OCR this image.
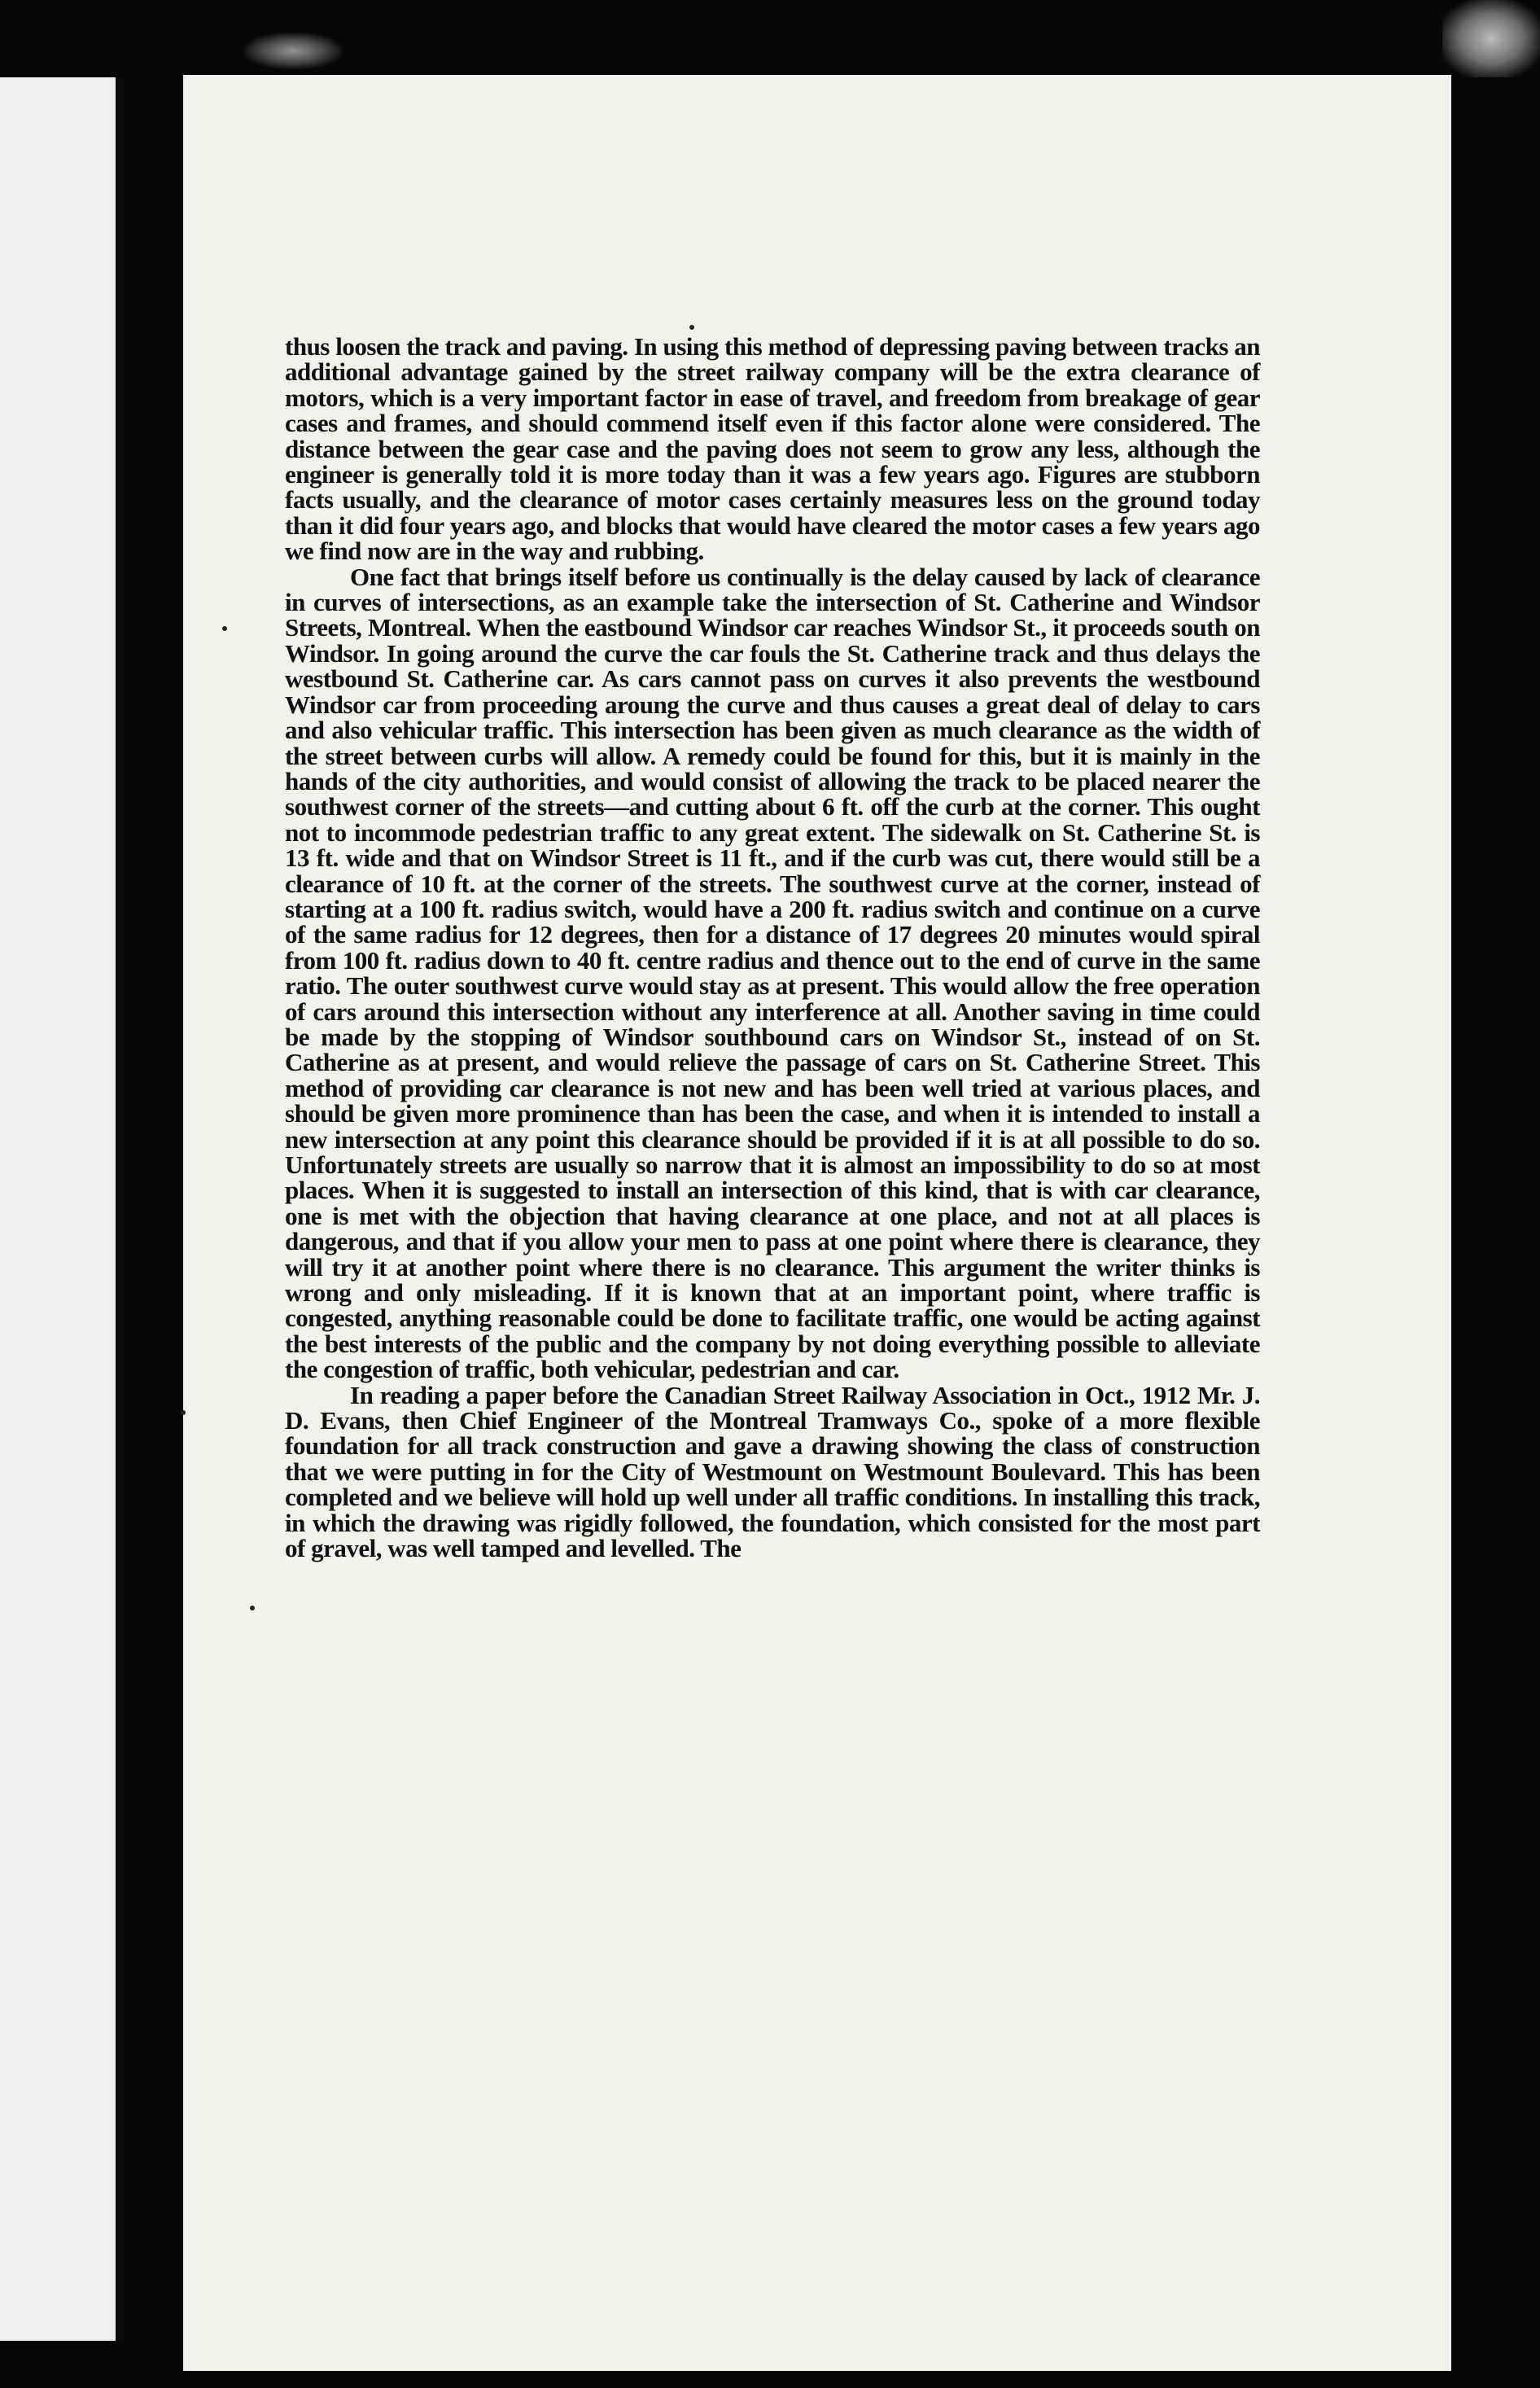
thus loosen the track and paving. In using this method of depressing paving between tracks an additional advantage gained by the street railway company will be the extra clearance of motors, which is a very important factor in ease of travel, and freedom from breakage of gear cases and frames, and should commend itself even if this factor alone were considered. The distance between the gear case and the paving does not seem to grow any less, although the engineer is generally told it is more today than it was a few years ago. Figures are stubborn facts usually, and the clearance of motor cases certainly measures less on the ground today than it did four years ago, and blocks that would have cleared the motor cases a few years ago we find now are in the way and rubbing.

One fact that brings itself before us continually is the delay caused by lack of clearance in curves of intersections, as an example take the intersection of St. Catherine and Windsor Streets, Montreal. When the eastbound Windsor car reaches Windsor St., it proceeds south on Windsor. In going around the curve the car fouls the St. Catherine track and thus delays the westbound St. Catherine car. As cars cannot pass on curves it also prevents the westbound Windsor car from proceeding aroung the curve and thus causes a great deal of delay to cars and also vehicular traffic. This intersection has been given as much clearance as the width of the street between curbs will allow. A remedy could be found for this, but it is mainly in the hands of the city authorities, and would consist of allowing the track to be placed nearer the southwest corner of the streets—and cutting about 6 ft. off the curb at the corner. This ought not to incommode pedestrian traffic to any great extent. The sidewalk on St. Catherine St. is 13 ft. wide and that on Windsor Street is 11 ft., and if the curb was cut, there would still be a clearance of 10 ft. at the corner of the streets. The southwest curve at the corner, instead of starting at a 100 ft. radius switch, would have a 200 ft. radius switch and continue on a curve of the same radius for 12 degrees, then for a distance of 17 degrees 20 minutes would spiral from 100 ft. radius down to 40 ft. centre radius and thence out to the end of curve in the same ratio. The outer southwest curve would stay as at present. This would allow the free operation of cars around this intersection without any interference at all. Another saving in time could be made by the stopping of Windsor southbound cars on Windsor St., instead of on St. Catherine as at present, and would relieve the passage of cars on St. Catherine Street. This method of providing car clearance is not new and has been well tried at various places, and should be given more prominence than has been the case, and when it is intended to install a new intersection at any point this clearance should be provided if it is at all possible to do so. Unfortunately streets are usually so narrow that it is almost an impossibility to do so at most places. When it is suggested to install an intersection of this kind, that is with car clearance, one is met with the objection that having clearance at one place, and not at all places is dangerous, and that if you allow your men to pass at one point where there is clearance, they will try it at another point where there is no clearance. This argument the writer thinks is wrong and only misleading. If it is known that at an important point, where traffic is congested, anything reasonable could be done to facilitate traffic, one would be acting against the best interests of the public and the company by not doing everything possible to alleviate the congestion of traffic, both vehicular, pedestrian and car.

In reading a paper before the Canadian Street Railway Association in Oct., 1912 Mr. J. D. Evans, then Chief Engineer of the Montreal Tramways Co., spoke of a more flexible foundation for all track construction and gave a drawing showing the class of construction that we were putting in for the City of Westmount on Westmount Boulevard. This has been completed and we believe will hold up well under all traffic conditions. In installing this track, in which the drawing was rigidly followed, the foundation, which consisted for the most part of gravel, was well tamped and levelled. The
